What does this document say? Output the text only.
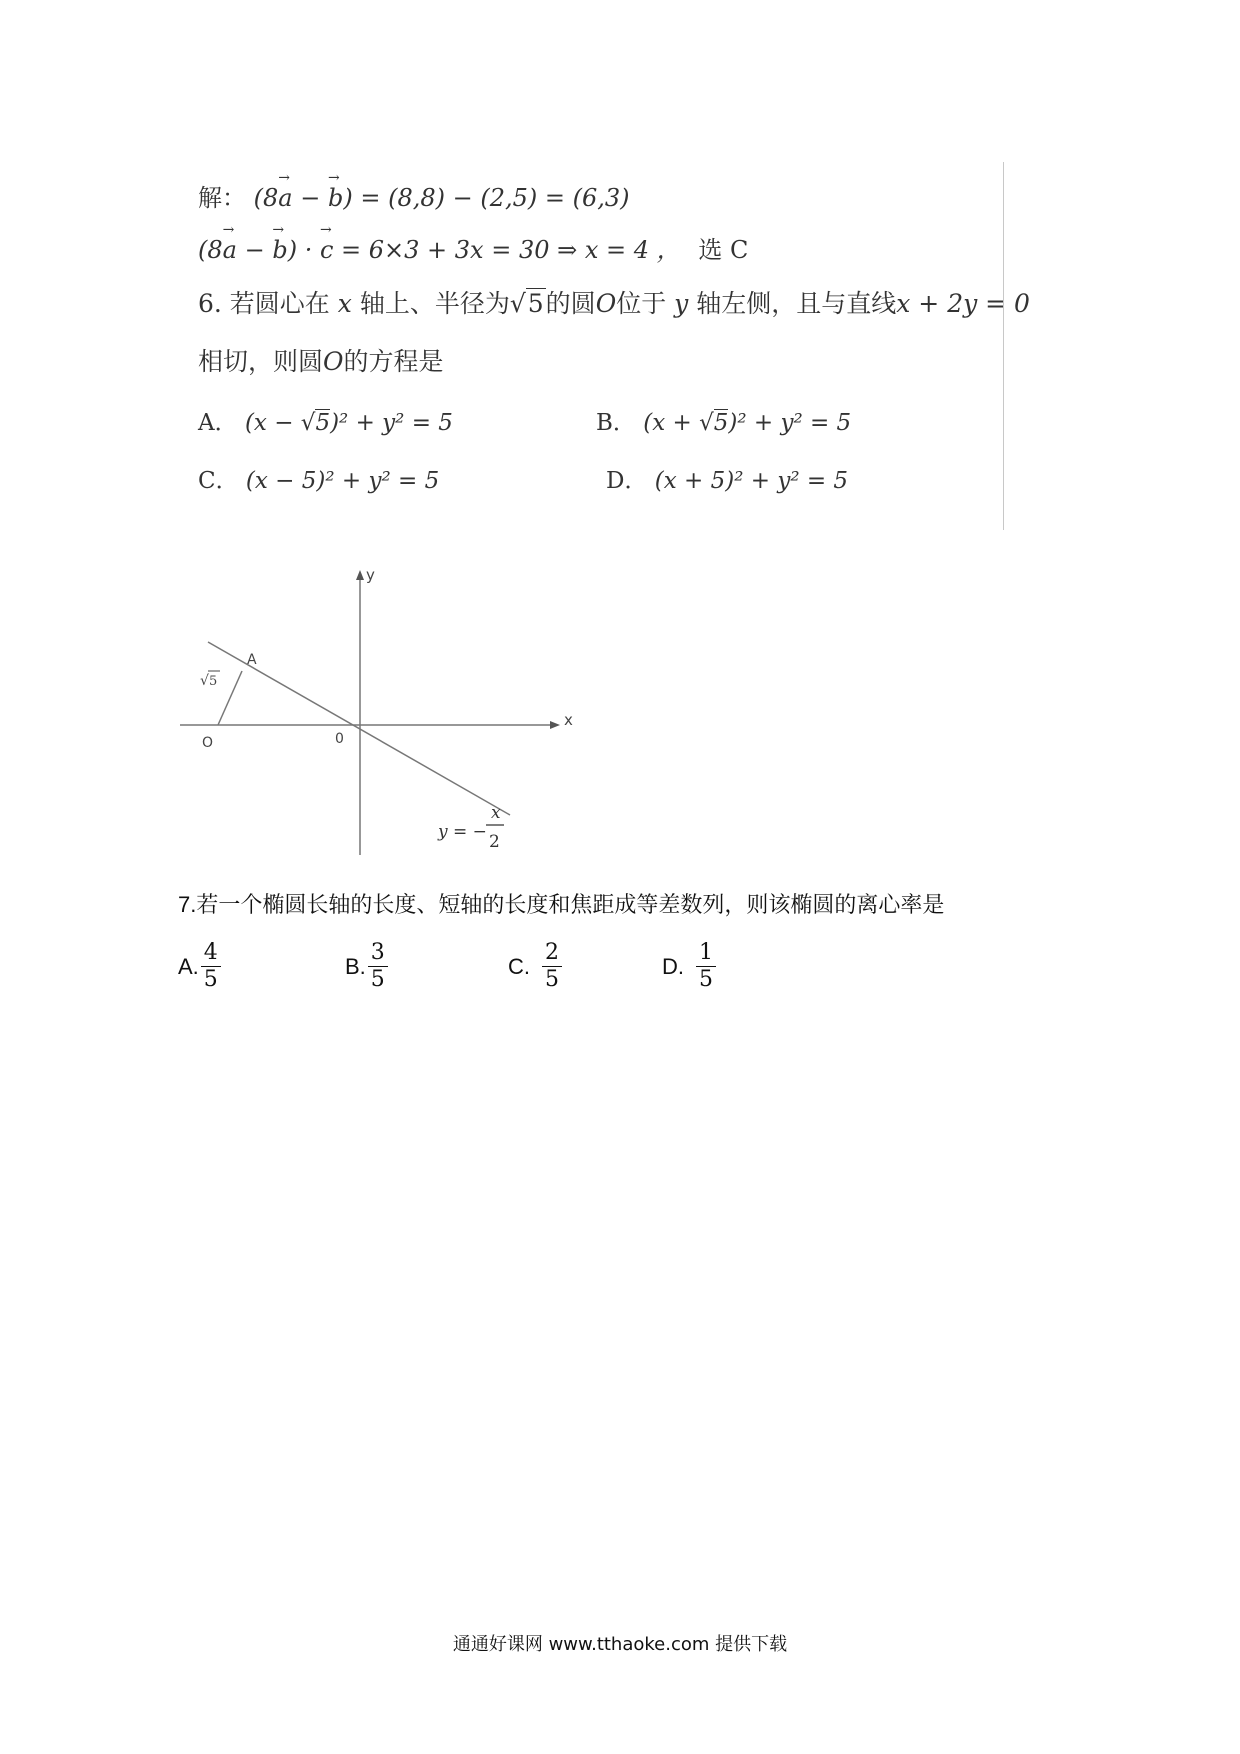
解： (8→ a − → b) = (8,8) − (2,5) = (6,3)
(8→ a − → b) · → c = 6×3 + 3x = 30 ⇒ x = 4 ， 选 C
6. 若圆心在 x 轴上、半径为√5的圆O位于 y 轴左侧，且与直线x + 2y = 0
相切，则圆O的方程是
A． (x − √5)² + y² = 5	B． (x + √5)² + y² = 5
C． (x − 5)² + y² = 5	D． (x + 5)² + y² = 5
y
x
0
O
A
√ 5
y = −
x
2
7.若一个椭圆长轴的长度、短轴的长度和焦距成等差数列，则该椭圆的离心率是
A. $\frac{4}{5}$	B. $\frac{3}{5}$	C. $\frac{2}{5}$	D. $\frac{1}{5}$
通通好课网 www.tthaoke.com 提供下载
